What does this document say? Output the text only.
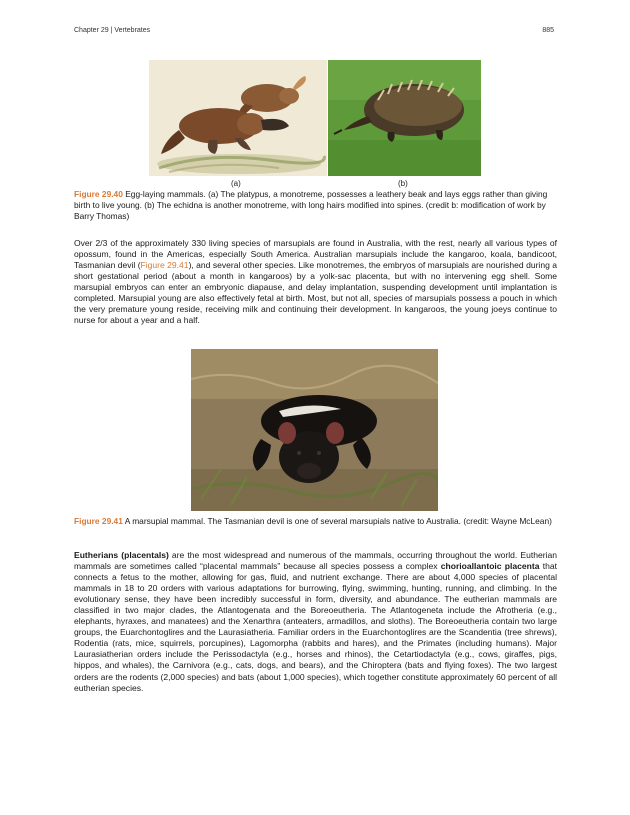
Chapter 29 | Vertebrates	885
(a)	(b)
Figure 29.40 Egg-laying mammals. (a) The platypus, a monotreme, possesses a leathery beak and lays eggs rather than giving birth to live young. (b) The echidna is another monotreme, with long hairs modified into spines. (credit b: modification of work by Barry Thomas)
Over 2/3 of the approximately 330 living species of marsupials are found in Australia, with the rest, nearly all various types of opossum, found in the Americas, especially South America. Australian marsupials include the kangaroo, koala, bandicoot, Tasmanian devil (Figure 29.41), and several other species. Like monotremes, the embryos of marsupials are nourished during a short gestational period (about a month in kangaroos) by a yolk-sac placenta, but with no intervening egg shell. Some marsupial embryos can enter an embryonic diapause, and delay implantation, suspending development until implantation is completed. Marsupial young are also effectively fetal at birth. Most, but not all, species of marsupials possess a pouch in which the very premature young reside, receiving milk and continuing their development. In kangaroos, the young joeys continue to nurse for about a year and a half.
Figure 29.41 A marsupial mammal. The Tasmanian devil is one of several marsupials native to Australia. (credit: Wayne McLean)
Eutherians (placentals) are the most widespread and numerous of the mammals, occurring throughout the world. Eutherian mammals are sometimes called “placental mammals” because all species possess a complex chorioallantoic placenta that connects a fetus to the mother, allowing for gas, fluid, and nutrient exchange. There are about 4,000 species of placental mammals in 18 to 20 orders with various adaptations for burrowing, flying, swimming, hunting, running, and climbing. In the evolutionary sense, they have been incredibly successful in form, diversity, and abundance. The eutherian mammals are classified in two major clades, the Atlantogenata and the Boreoeutheria. The Atlantogeneta include the Afrotheria (e.g., elephants, hyraxes, and manatees) and the Xenarthra (anteaters, armadillos, and sloths). The Boreoeutheria contain two large groups, the Euarchontoglires and the Laurasiatheria. Familiar orders in the Euarchontoglires are the Scandentia (tree shrews), Rodentia (rats, mice, squirrels, porcupines), Lagomorpha (rabbits and hares), and the Primates (including humans). Major Laurasiatherian orders include the Perissodactyla (e.g., horses and rhinos), the Cetartiodactyla (e.g., cows, giraffes, pigs, hippos, and whales), the Carnivora (e.g., cats, dogs, and bears), and the Chiroptera (bats and flying foxes). The two largest orders are the rodents (2,000 species) and bats (about 1,000 species), which together constitute approximately 60 percent of all eutherian species.
